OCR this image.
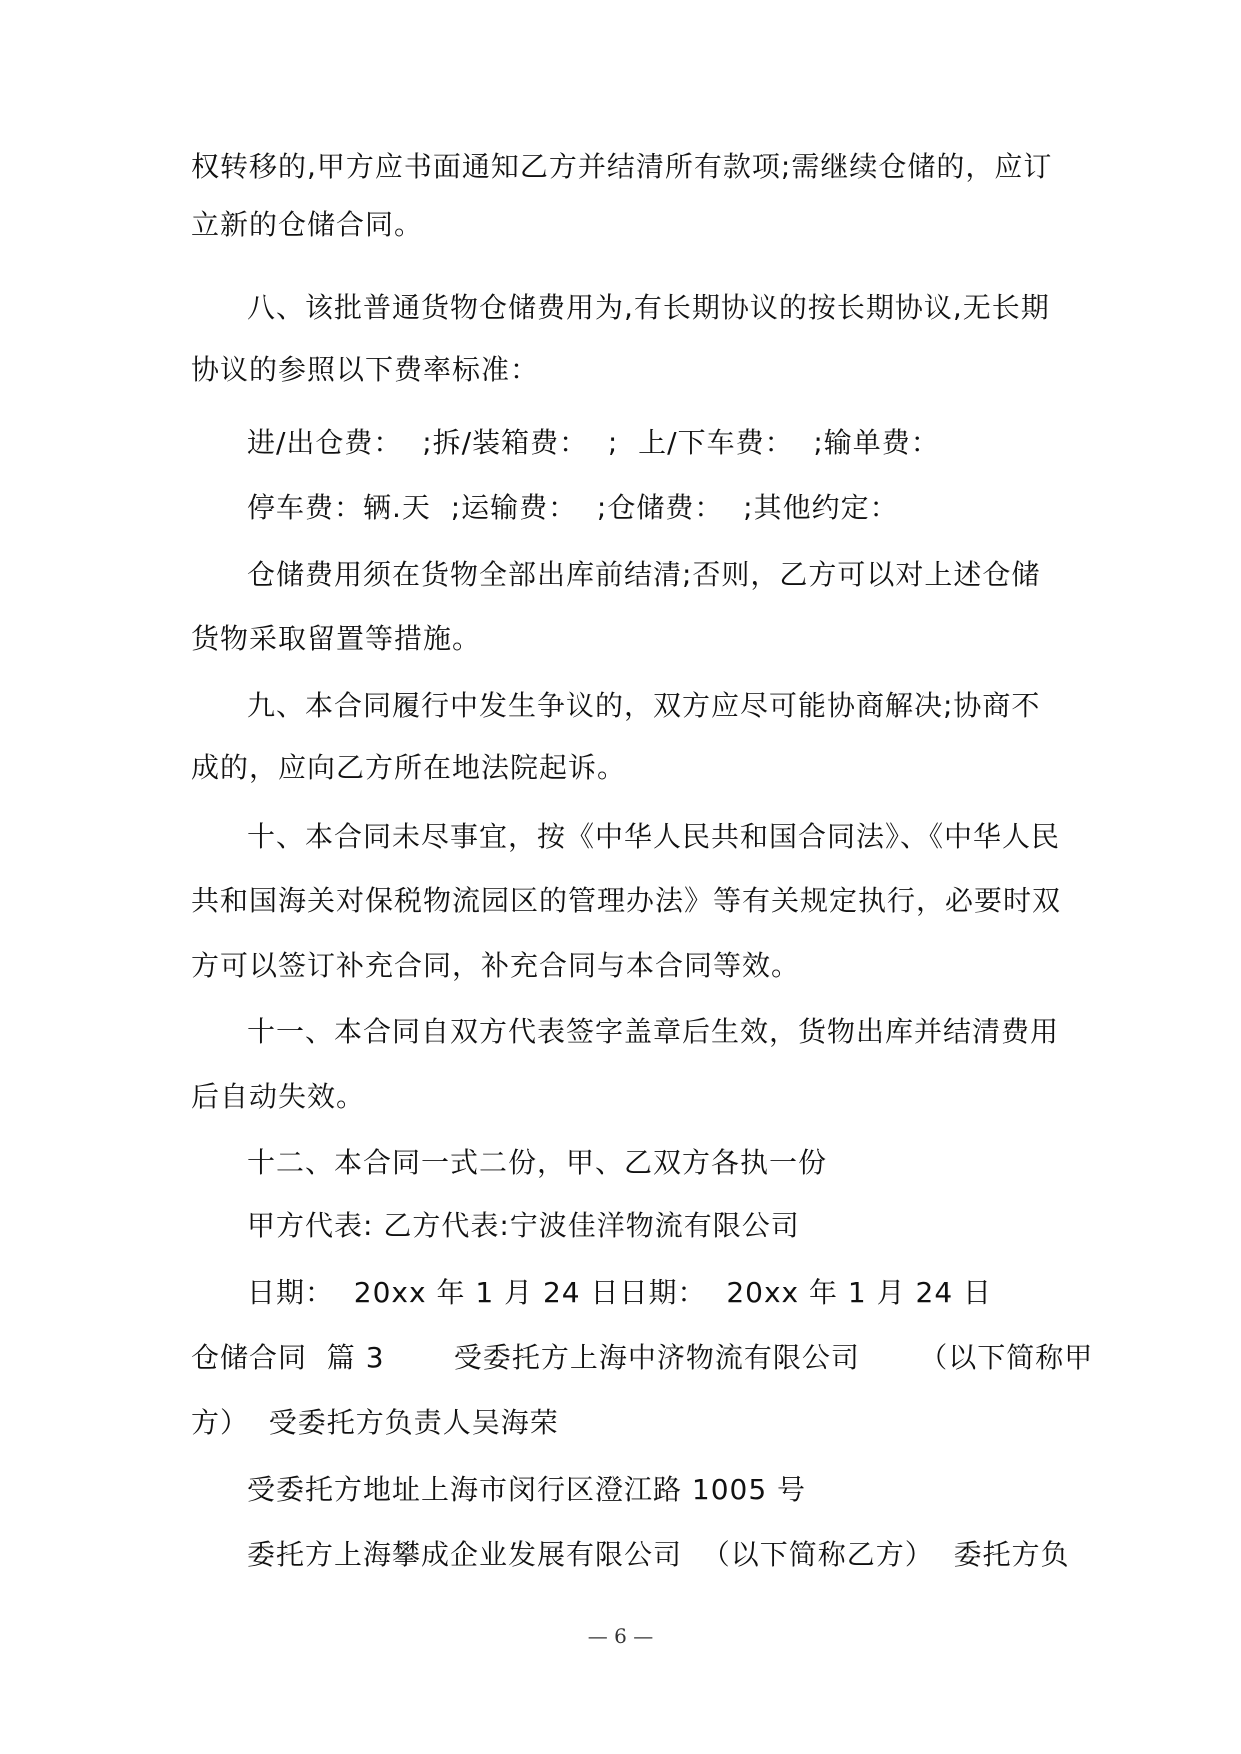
权转移的,甲方应书面通知乙方并结清所有款项;需继续仓储的，应订
立新的仓储合同。
八、该批普通货物仓储费用为,有长期协议的按长期协议,无长期
协议的参照以下费率标准：
进/出仓费：  ;拆/装箱费：  ;  上/下车费：  ;输单费：
停车费：辆.天  ;运输费：  ;仓储费：  ;其他约定：
仓储费用须在货物全部出库前结清;否则，乙方可以对上述仓储
货物采取留置等措施。
九、本合同履行中发生争议的，双方应尽可能协商解决;协商不
成的，应向乙方所在地法院起诉。
十、本合同未尽事宜，按《中华人民共和国合同法》、《中华人民
共和国海关对保税物流园区的管理办法》等有关规定执行，必要时双
方可以签订补充合同，补充合同与本合同等效。
十一、本合同自双方代表签字盖章后生效，货物出库并结清费用
后自动失效。
十二、本合同一式二份，甲、乙双方各执一份
甲方代表: 乙方代表:宁波佳洋物流有限公司
日期：  20xx 年 1 月 24 日日期：  20xx 年 1 月 24 日
仓储合同  篇 3       受委托方上海中济物流有限公司      （以下简称甲
方）  受委托方负责人吴海荣
受委托方地址上海市闵行区澄江路 1005 号
委托方上海攀成企业发展有限公司  （以下简称乙方）  委托方负
— 6 —
